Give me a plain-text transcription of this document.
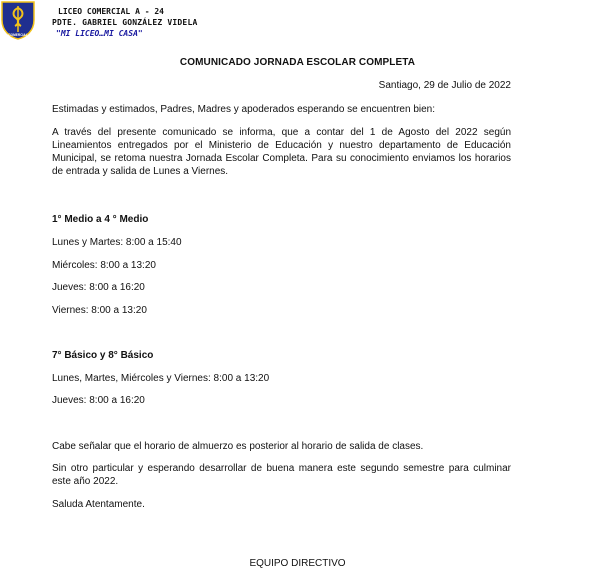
COMERCIAL
LICEO COMERCIAL A - 24
PDTE. GABRIEL GONZÁLEZ VIDELA
"MI LICEO…MI CASA"
COMUNICADO JORNADA ESCOLAR COMPLETA
Santiago, 29 de Julio de 2022
Estimadas y estimados, Padres, Madres y apoderados esperando se encuentren bien:
A través del presente comunicado se informa, que a contar del 1 de Agosto del 2022 según Lineamientos entregados por el Ministerio de Educación y nuestro departamento de Educación Municipal, se retoma nuestra Jornada Escolar Completa. Para su conocimiento enviamos los horarios de entrada y salida de Lunes a Viernes.
1° Medio a 4 ° Medio
Lunes y Martes: 8:00 a 15:40
Miércoles: 8:00 a 13:20
Jueves: 8:00 a 16:20
Viernes: 8:00 a 13:20
7° Básico y 8° Básico
Lunes, Martes, Miércoles y Viernes: 8:00 a 13:20
Jueves: 8:00 a 16:20
Cabe señalar que el horario de almuerzo es posterior al horario de salida de clases.
Sin otro particular y esperando desarrollar de buena manera este segundo semestre para culminar este año 2022.
Saluda Atentamente.
EQUIPO DIRECTIVO
